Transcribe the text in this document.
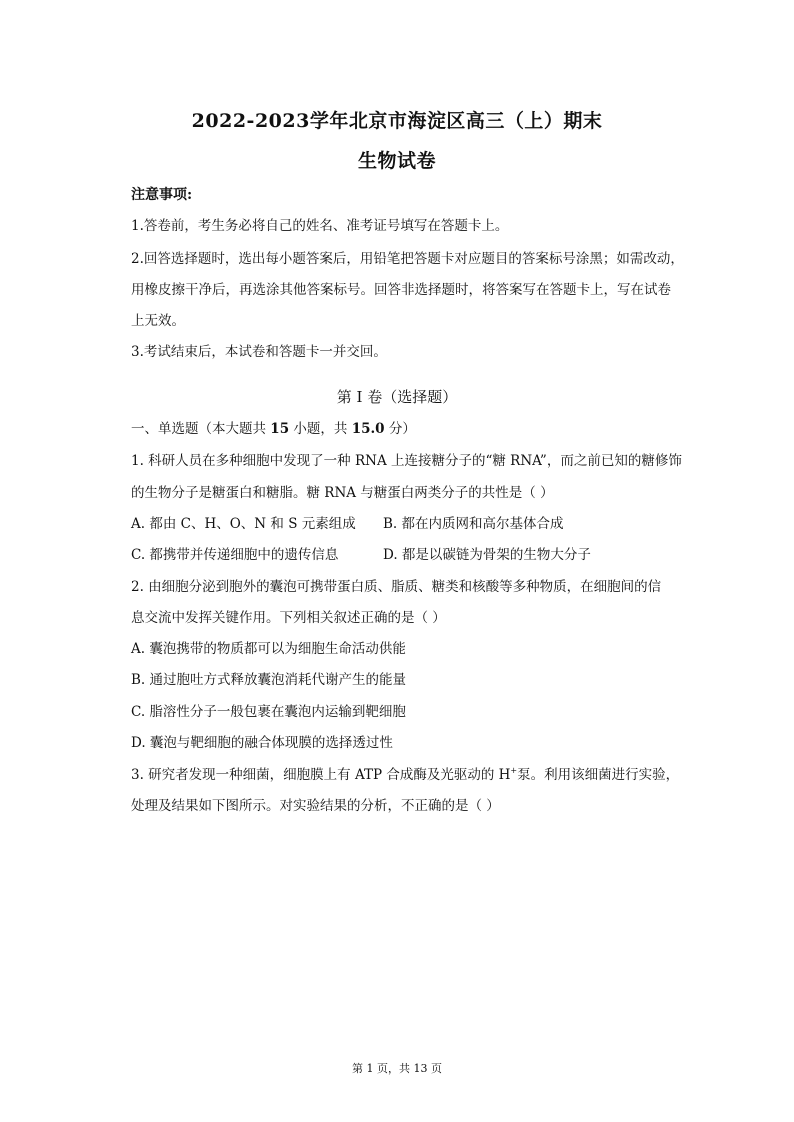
2022-2023学年北京市海淀区高三（上）期末
生物试卷
注意事项:
1.答卷前，考生务必将自己的姓名、准考证号填写在答题卡上。
2.回答选择题时，选出每小题答案后，用铅笔把答题卡对应题目的答案标号涂黑；如需改动，
用橡皮擦干净后，再选涂其他答案标号。回答非选择题时，将答案写在答题卡上，写在试卷
上无效。
3.考试结束后，本试卷和答题卡一并交回。
第 I 卷（选择题）
一、单选题（本大题共 15 小题，共 15.0 分）
1. 科研人员在多种细胞中发现了一种 RNA 上连接糖分子的“糖 RNA”，而之前已知的糖修饰
的生物分子是糖蛋白和糖脂。糖 RNA 与糖蛋白两类分子的共性是（ ）
A. 都由 C、H、O、N 和 S 元素组成 B. 都在内质网和高尔基体合成
C. 都携带并传递细胞中的遗传信息	D. 都是以碳链为骨架的生物大分子
2. 由细胞分泌到胞外的囊泡可携带蛋白质、脂质、糖类和核酸等多种物质，在细胞间的信
息交流中发挥关键作用。下列相关叙述正确的是（ ）
A. 囊泡携带的物质都可以为细胞生命活动供能
B. 通过胞吐方式释放囊泡消耗代谢产生的能量
C. 脂溶性分子一般包裹在囊泡内运输到靶细胞
D. 囊泡与靶细胞的融合体现膜的选择透过性
3. 研究者发现一种细菌，细胞膜上有 ATP 合成酶及光驱动的 H+泵。利用该细菌进行实验，
处理及结果如下图所示。对实验结果的分析，不正确的是（ ）
第 1 页，共 13 页
